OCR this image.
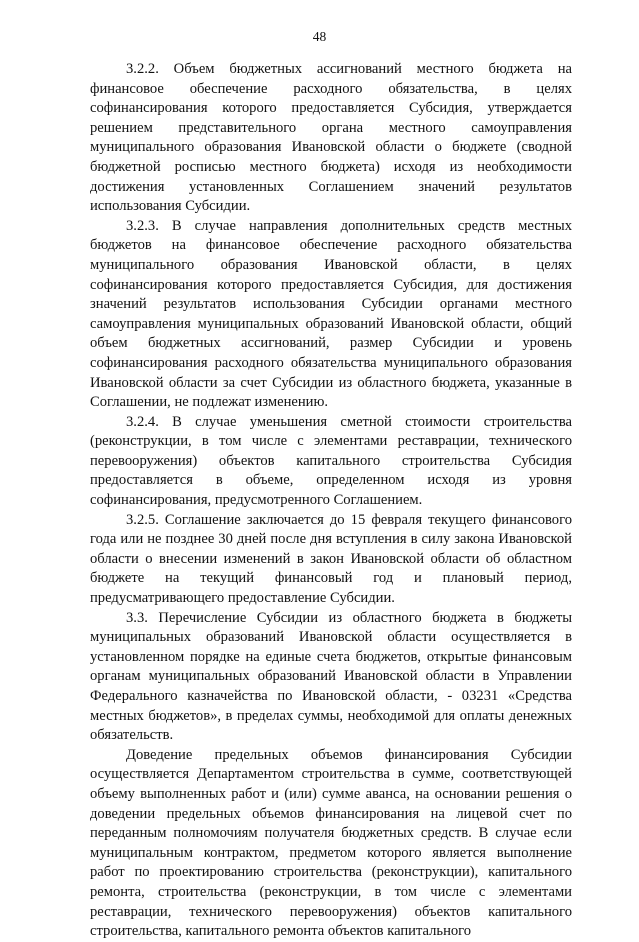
48

3.2.2. Объем бюджетных ассигнований местного бюджета на финансовое обеспечение расходного обязательства, в целях софинансирования которого предоставляется Субсидия, утверждается решением представительного органа местного самоуправления муниципального образования Ивановской области о бюджете (сводной бюджетной росписью местного бюджета) исходя из необходимости достижения установленных Соглашением значений результатов использования Субсидии.

3.2.3. В случае направления дополнительных средств местных бюджетов на финансовое обеспечение расходного обязательства муниципального образования Ивановской области, в целях софинансирования которого предоставляется Субсидия, для достижения значений результатов использования Субсидии органами местного самоуправления муниципальных образований Ивановской области, общий объем бюджетных ассигнований, размер Субсидии и уровень софинансирования расходного обязательства муниципального образования Ивановской области за счет Субсидии из областного бюджета, указанные в Соглашении, не подлежат изменению.

3.2.4. В случае уменьшения сметной стоимости строительства (реконструкции, в том числе с элементами реставрации, технического перевооружения) объектов капитального строительства Субсидия предоставляется в объеме, определенном исходя из уровня софинансирования, предусмотренного Соглашением.

3.2.5. Соглашение заключается до 15 февраля текущего финансового года или не позднее 30 дней после дня вступления в силу закона Ивановской области о внесении изменений в закон Ивановской области об областном бюджете на текущий финансовый год и плановый период, предусматривающего предоставление Субсидии.

3.3. Перечисление Субсидии из областного бюджета в бюджеты муниципальных образований Ивановской области осуществляется в установленном порядке на единые счета бюджетов, открытые финансовым органам муниципальных образований Ивановской области в Управлении Федерального казначейства по Ивановской области, - 03231 «Средства местных бюджетов», в пределах суммы, необходимой для оплаты денежных обязательств.

Доведение предельных объемов финансирования Субсидии осуществляется Департаментом строительства в сумме, соответствующей объему выполненных работ и (или) сумме аванса, на основании решения о доведении предельных объемов финансирования на лицевой счет по переданным полномочиям получателя бюджетных средств. В случае если муниципальным контрактом, предметом которого является выполнение работ по проектированию строительства (реконструкции), капитального ремонта, строительства (реконструкции, в том числе с элементами реставрации, технического перевооружения) объектов капитального строительства, капитального ремонта объектов капитального
